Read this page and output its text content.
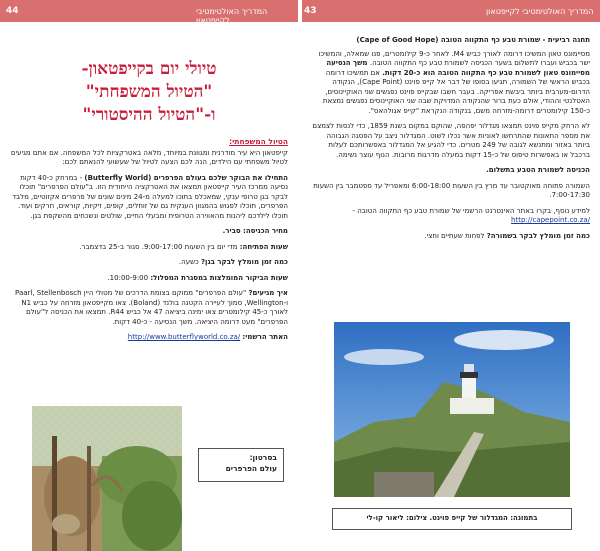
44	המדריך האולטימטיבי לקייפטאון
43	המדריך האולטימטיבי לקייפטאון
טיולי יום בקייפטאון-
"הטיול המשפחתי"
ו-"הטיול ההיסטורי"
הטיול המשפחתי:

קייפטאון היא עיר מודרנית ומגוונת במיוחד, מלאה באטרקציות לכל המשפחה. אם אתם מגיעים לטיול משפחתי עם הילדים, הנה לכם הצעה לטיול של שעשועי להנאתם לכם:

התחילו את הבוקר שלכם בעולם הפרפרים (Butterfly World) - במרחק כ-40 דקות נסיעה ממרכז העיר קייפטאון תמצאו את האטרקציה הייחודית הזו. ב"עולם הפרפרים" תוכלו לבקר בגן טרופי ענקי, שמאכלס בתוכו למעלה מ-24 מינים שונים של פרפרים אקזוטיים, מלבד הפרפרים, תוכלו לפגוש בהמגוון הענקית גם של זוחלים, קופים, זיקיות, קוראים, חרקים ועוד. תוכלו לילדכם ליהנות מהאווירה הטרופית ומבעלי החיים, שולטים ונשכחים מהשקפת בגן.

מחיר הכניסה: סביר.

שעות הפתיחה: מדי יום בין השעות 9:00-17:00. סגור ב-25 בדצמבר.

כמה זמן מומלץ לבקר בגן? כשעה.

שעות הביקור המומלצות במסגרת המסלול: 10:00-9:00.

איך מגיעים? "עולם הפרפרים" ממוקם בצומת הדרכים של מטולי היין Paarl, Stellenbosch ו-Wellington, סמוך לעיירה הקטנה בולנד (Boland). צאו מקייפטאון מזרחה על כביש N1 לאורך כ-45 קילומטרים צאו ימינה ביציאה 47 אל כביש R44. תמצאו את הכניסה ל"עולם הפרפרים" מעט דרומה היציאה. משך הנסיעה - כ-40 דקות.

האתר הרשמי: http://www.butterflyworld.co.za/

בסרטון:
עולם הפרפרים
תחנה רביעית - שמורת טבע כף התקווה הטובה (Cape of Good Hope)

מסיימונס טאון המשיכו דרומה לאורך כביש M4. לאחר כ-9 קילומטרים, פנו שמאלה, והמשיכו ישר בכביש ועברו לתשלום בשער הכניסה לשמורת טבע כף התקווה הטובה. משך הנסיעה מסיימונס טאון לשמורת טבע כף התקווה הטובה הוא כ-20 דקות. אם תמשיכו דרומה בכביש הראשי של השמורה, תגיעו בסופו של דבר אל קייפ פוינט (Cape Point), הנקודה הדרום-מערבית ביותר ביבשת אפריקה. בעבר חשבו שבקייפ פוינט נפגשים שני האוקיינוסים, האטלנטי וההודי, אולם כעת ברור שהנקודה המדויקת שבה שני האוקיינוסים נפגשים נמצאת כ-150 קילומטרים דרומה-מזרחה משם, בנקודה הנקראת "קייפ אגולהאס".

לא הרחק מקייפ פוינט תמצאו מגדלור יפהפה, שהוקם במקום בשנת 1859, כדי לנסות לצמצם את מספר התאונות שהתרחשו לאוניות אשר נכלו לשוט. המגדלור ניצב על הפסגה הגבוהה ביותר באזור ומתנשא לגובה של 249 מטרים. כדי להגיע אל המגדלור באפשרותכם לעלות ברכבל או באפשרות טיפוס של כ-15 דקות במעלה מדרגות מרובות. הנוף עוצר נשימה.

הכניסה לשמורת הטבע בתשלום.

השמורה פתוחה מאוקטובר עד מרץ בין השעות 6:00-18:00 ומאפריל עד ספטמבר בין השעות 7:00-17:30.

למידע נוסף, בקרו באתר האינטרנט הרשמי של שמורת טבע כף התקווה הטובה - http://capepoint.co.za/

כמה זמן מומלץ לבקר בשמורה? לפחות שעתיים וחצי.

בתמונה: המגדלור של קייפ פוינט. צילום: ליאור קו-לי
